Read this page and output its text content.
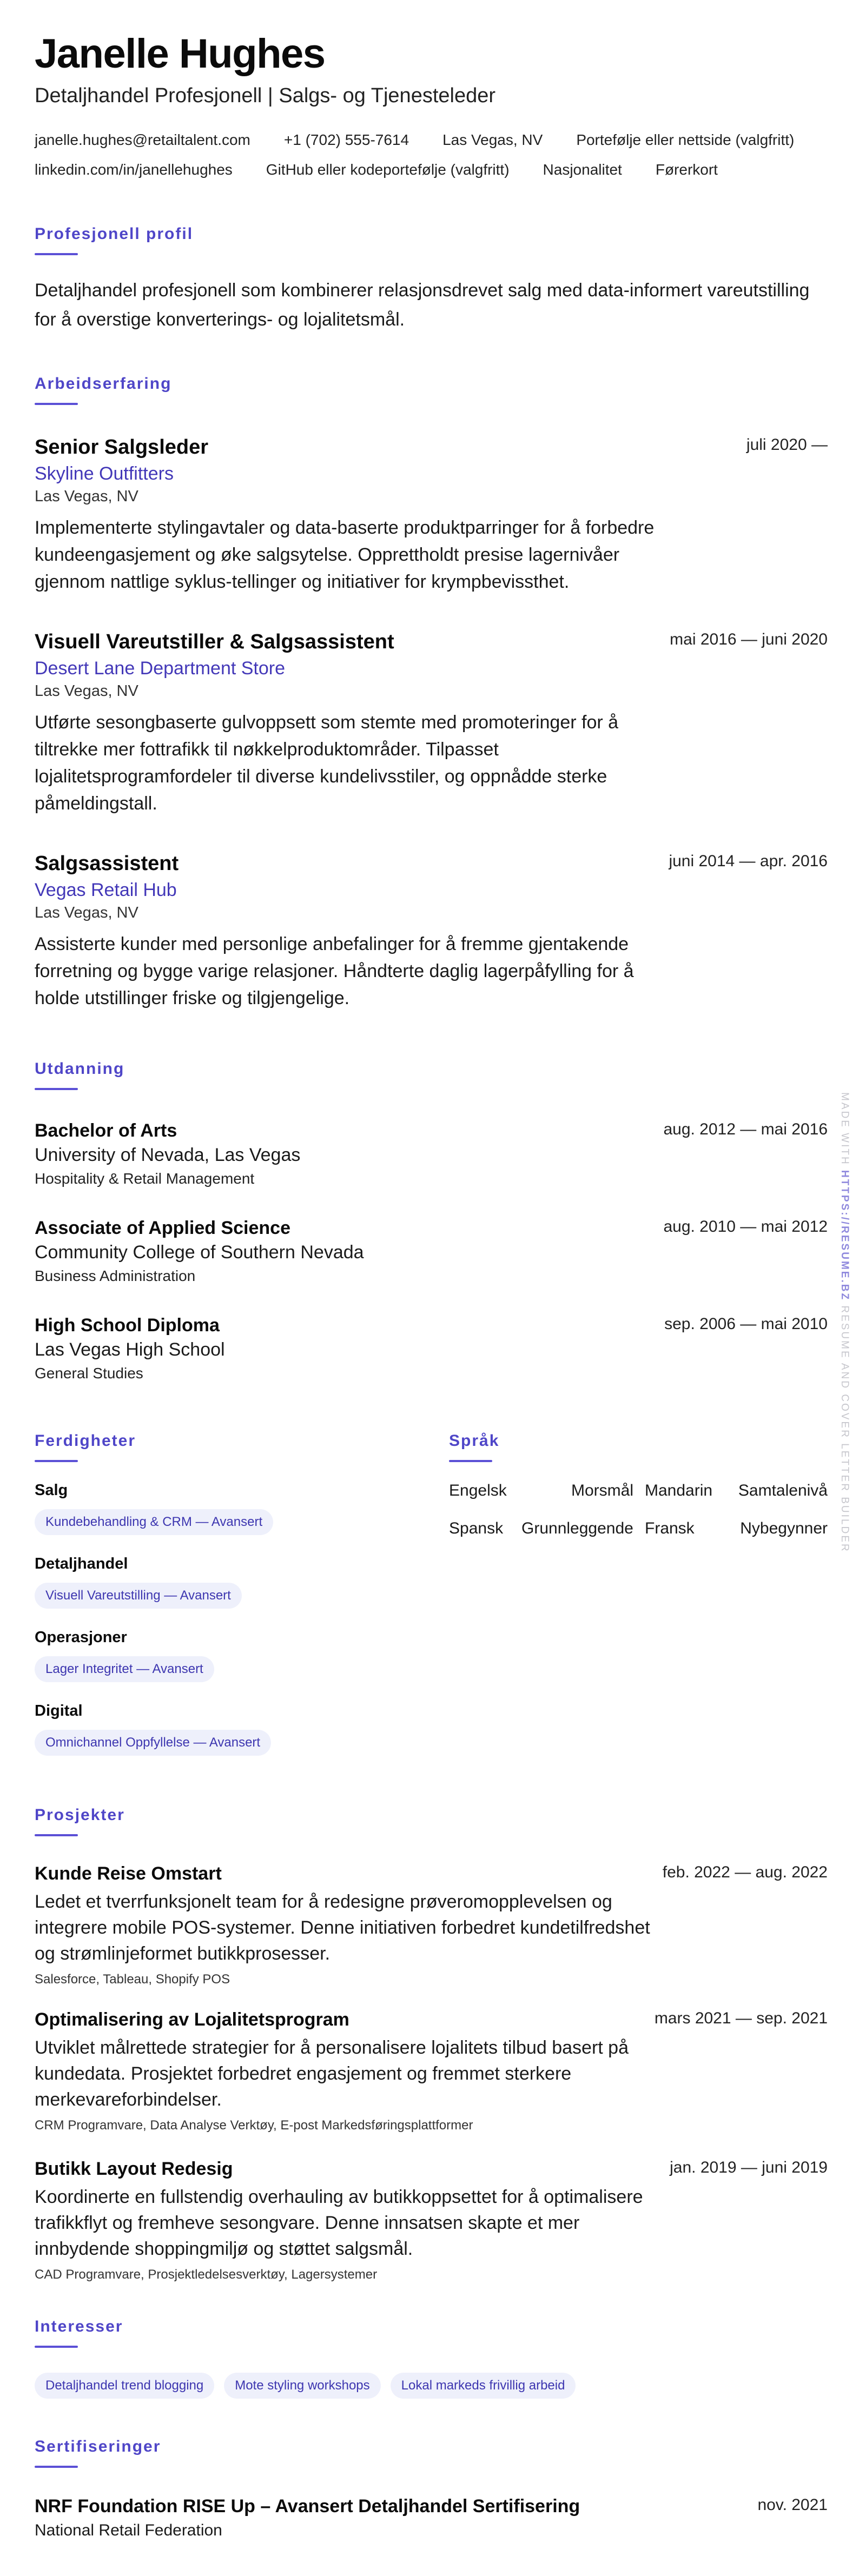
Janelle Hughes
Detaljhandel Profesjonell | Salgs- og Tjenesteleder
janelle.hughes@retailtalent.com +1 (702) 555-7614 Las Vegas, NV Portefølje eller nettside (valgfritt)
linkedin.com/in/janellehughes GitHub eller kodeportefølje (valgfritt) Nasjonalitet Førerkort
Profesjonell profil
Detaljhandel profesjonell som kombinerer relasjonsdrevet salg med data-informert vareutstilling for å overstige konverterings- og lojalitetsmål.
Arbeidserfaring
juli 2020 —
Senior Salgsleder
Skyline Outfitters
Las Vegas, NV
Implementerte stylingavtaler og data-baserte produktparringer for å forbedre kundeengasjement og øke salgsytelse. Opprettholdt presise lagernivåer gjennom nattlige syklus-tellinger og initiativer for krympbevissthet.
mai 2016 — juni 2020
Visuell Vareutstiller & Salgsassistent
Desert Lane Department Store
Las Vegas, NV
Utførte sesongbaserte gulvoppsett som stemte med promoteringer for å tiltrekke mer fottrafikk til nøkkelproduktområder. Tilpasset lojalitetsprogramfordeler til diverse kundelivsstiler, og oppnådde sterke påmeldingstall.
juni 2014 — apr. 2016
Salgsassistent
Vegas Retail Hub
Las Vegas, NV
Assisterte kunder med personlige anbefalinger for å fremme gjentakende forretning og bygge varige relasjoner. Håndterte daglig lagerpåfylling for å holde utstillinger friske og tilgjengelige.
Utdanning
aug. 2012 — mai 2016
Bachelor of Arts
University of Nevada, Las Vegas
Hospitality & Retail Management
aug. 2010 — mai 2012
Associate of Applied Science
Community College of Southern Nevada
Business Administration
sep. 2006 — mai 2010
High School Diploma
Las Vegas High School
General Studies
Ferdigheter
Salg
Kundebehandling & CRM — Avansert
Detaljhandel
Visuell Vareutstilling — Avansert
Operasjoner
Lager Integritet — Avansert
Digital
Omnichannel Oppfyllelse — Avansert
Språk
Engelsk	Morsmål Mandarin Samtalenivå
Spansk Grunnleggende Fransk	Nybegynner
Prosjekter
feb. 2022 — aug. 2022
Kunde Reise Omstart
Ledet et tverrfunksjonelt team for å redesigne prøveromopplevelsen og integrere mobile POS-systemer. Denne initiativen forbedret kundetilfredshet og strømlinjeformet butikkprosesser.
Salesforce, Tableau, Shopify POS
mars 2021 — sep. 2021
Optimalisering av Lojalitetsprogram
Utviklet målrettede strategier for å personalisere lojalitets tilbud basert på kundedata. Prosjektet forbedret engasjement og fremmet sterkere merkevareforbindelser.
CRM Programvare, Data Analyse Verktøy, E-post Markedsføringsplattformer
jan. 2019 — juni 2019
Butikk Layout Redesig
Koordinerte en fullstendig overhauling av butikkoppsettet for å optimalisere trafikkflyt og fremheve sesongvare. Denne innsatsen skapte et mer innbydende shoppingmiljø og støttet salgsmål.
CAD Programvare, Prosjektledelsesverktøy, Lagersystemer
Interesser
Detaljhandel trend blogging	Mote styling workshops	Lokal markeds frivillig arbeid
Sertifiseringer
nov. 2021
NRF Foundation RISE Up – Avansert Detaljhandel Sertifisering
National Retail Federation
MADE WITH HTTPS://RESUME.BZ RESUME AND COVER LETTER BUILDER
